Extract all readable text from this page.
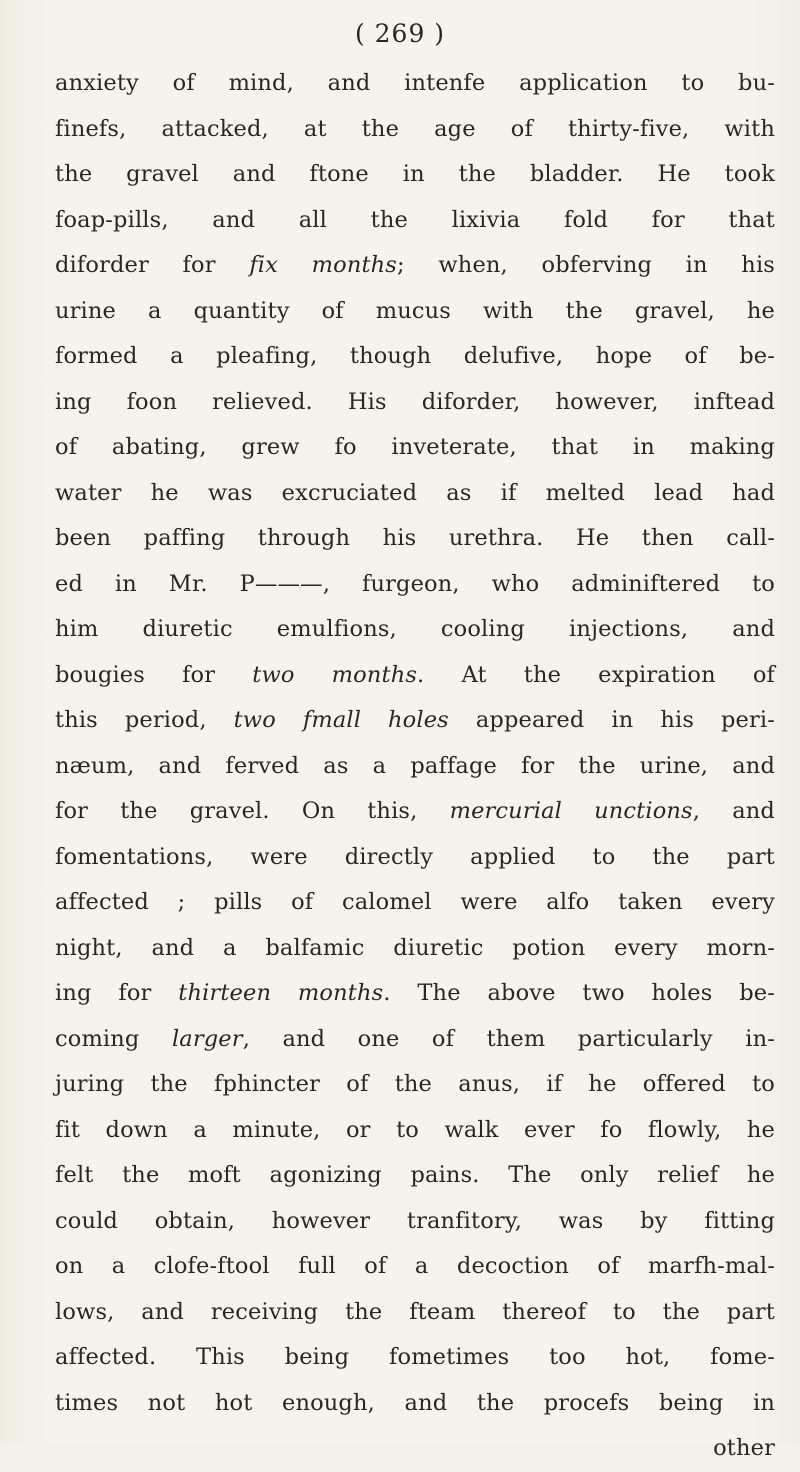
( 269 )
anxiety of mind, and intenfe application to bu-
finefs, attacked, at the age of thirty-five, with
the gravel and ftone in the bladder. He took
foap-pills, and all the lixivia fold for that
diforder for fix months; when, obferving in his
urine a quantity of mucus with the gravel, he
formed a pleafing, though delufive, hope of be-
ing foon relieved. His diforder, however, inftead
of abating, grew fo inveterate, that in making
water he was excruciated as if melted lead had
been paffing through his urethra. He then call-
ed in Mr. P———, furgeon, who adminiftered to
him diuretic emulfions, cooling injections, and
bougies for two months. At the expiration of
this period, two fmall holes appeared in his peri-
næum, and ferved as a paffage for the urine, and
for the gravel. On this, mercurial unctions, and
fomentations, were directly applied to the part
affected ; pills of calomel were alfo taken every
night, and a balfamic diuretic potion every morn-
ing for thirteen months. The above two holes be-
coming larger, and one of them particularly in-
juring the fphincter of the anus, if he offered to
fit down a minute, or to walk ever fo flowly, he
felt the moft agonizing pains. The only relief he
could obtain, however tranfitory, was by fitting
on a clofe-ftool full of a decoction of marfh-mal-
lows, and receiving the fteam thereof to the part
affected. This being fometimes too hot, fome-
times not hot enough, and the procefs being in
other
